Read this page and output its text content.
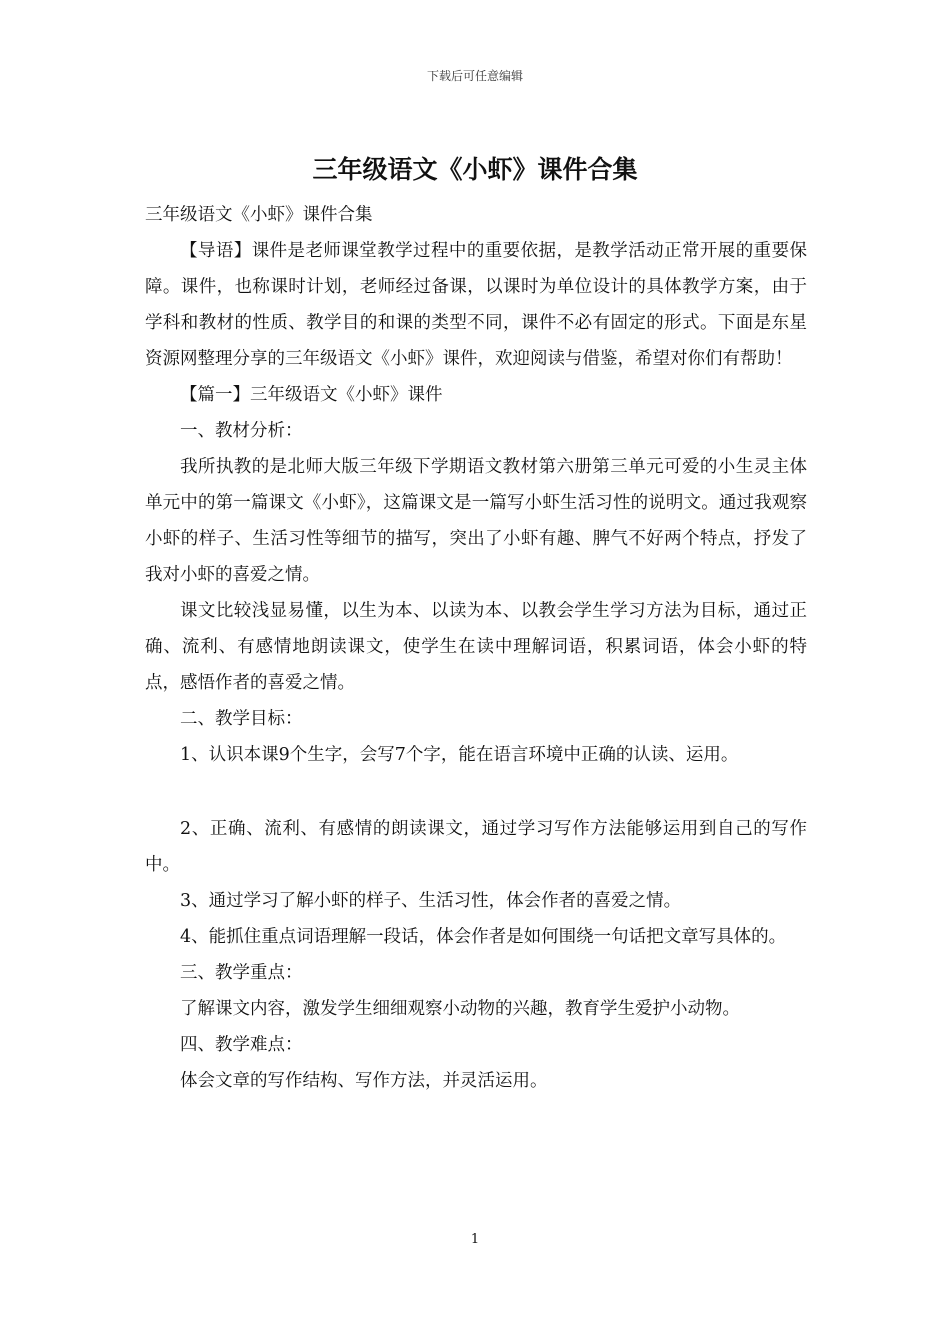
下载后可任意编辑
三年级语文《小虾》课件合集

三年级语文《小虾》课件合集

【导语】课件是老师课堂教学过程中的重要依据，是教学活动正常开展的重要保障。课件，也称课时计划，老师经过备课，以课时为单位设计的具体教学方案，由于学科和教材的性质、教学目的和课的类型不同，课件不必有固定的形式。下面是东星资源网整理分享的三年级语文《小虾》课件，欢迎阅读与借鉴，希望对你们有帮助！

【篇一】三年级语文《小虾》课件

一、教材分析：

我所执教的是北师大版三年级下学期语文教材第六册第三单元可爱的小生灵主体单元中的第一篇课文《小虾》，这篇课文是一篇写小虾生活习性的说明文。通过我观察小虾的样子、生活习性等细节的描写，突出了小虾有趣、脾气不好两个特点，抒发了我对小虾的喜爱之情。

课文比较浅显易懂，以生为本、以读为本、以教会学生学习方法为目标，通过正确、流利、有感情地朗读课文，使学生在读中理解词语，积累词语，体会小虾的特点，感悟作者的喜爱之情。

二、教学目标：

1、认识本课9个生字，会写7个字，能在语言环境中正确的认读、运用。

2、正确、流利、有感情的朗读课文，通过学习写作方法能够运用到自己的写作中。

3、通过学习了解小虾的样子、生活习性，体会作者的喜爱之情。

4、能抓住重点词语理解一段话，体会作者是如何围绕一句话把文章写具体的。

三、教学重点：

了解课文内容，激发学生细细观察小动物的兴趣，教育学生爱护小动物。

四、教学难点：

体会文章的写作结构、写作方法，并灵活运用。

1
